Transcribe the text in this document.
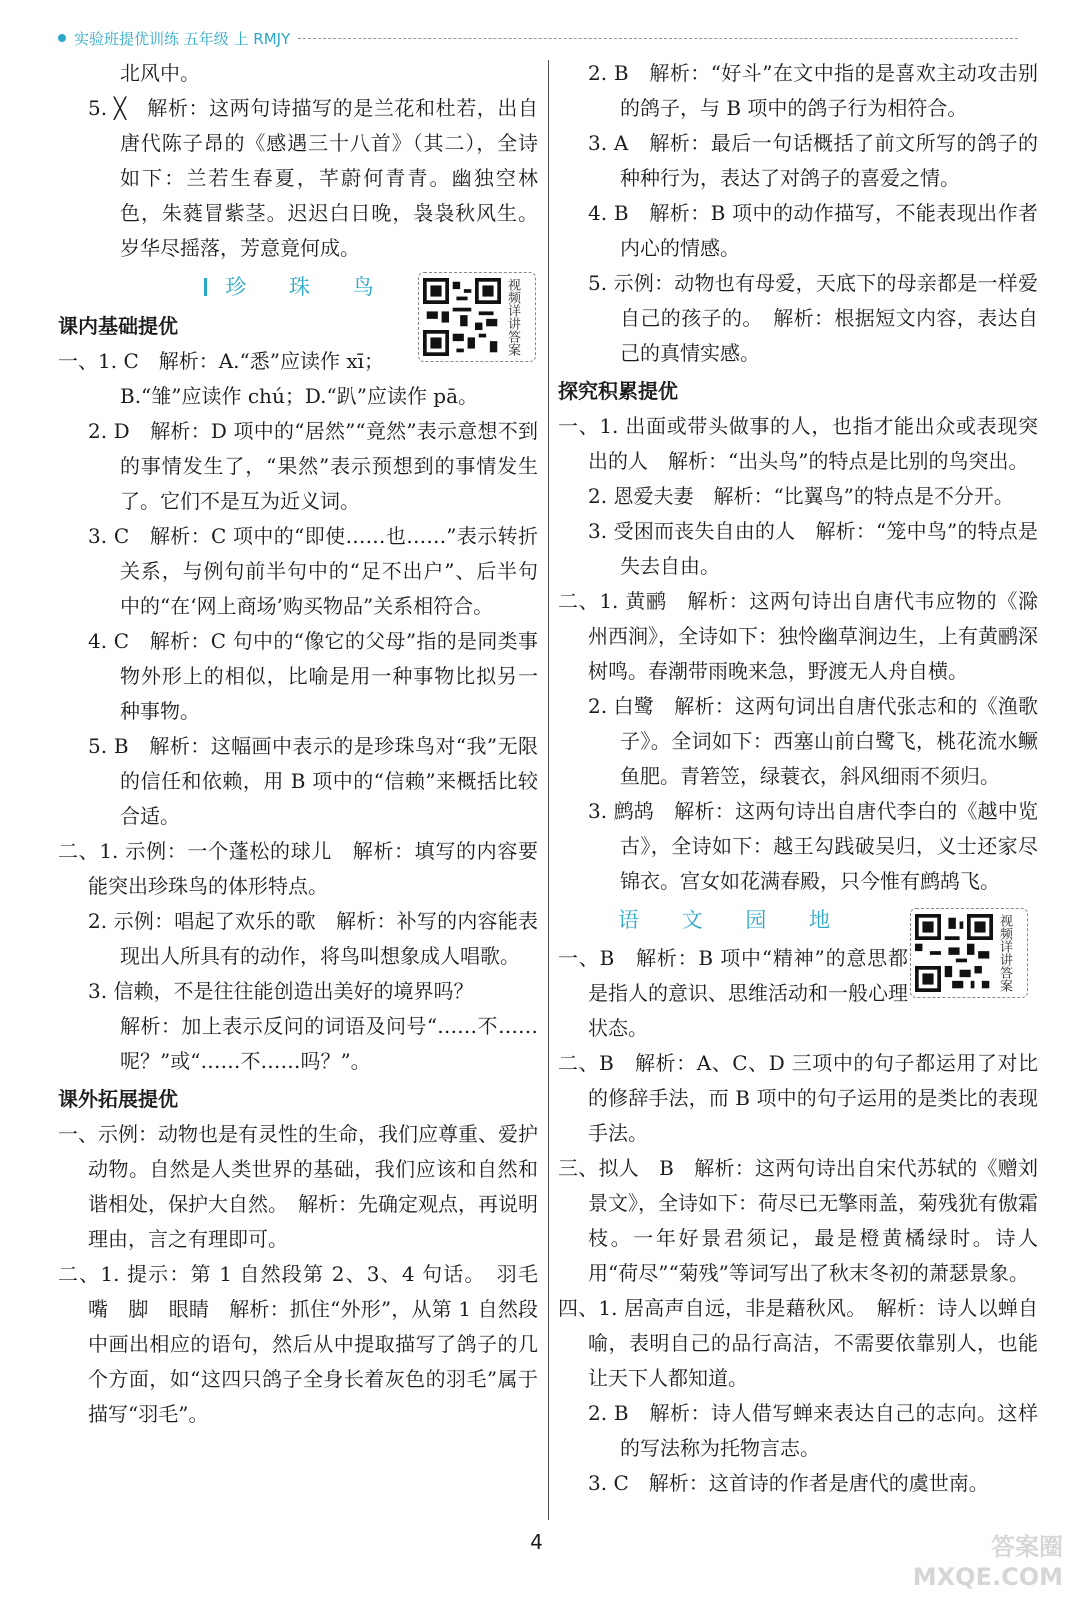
实验班提优训练 五年级 上 RMJY

北风中。

5. ╳　解析：这两句诗描写的是兰花和杜若，出自唐代陈子昂的《感遇三十八首》（其二），全诗如下：兰若生春夏，芊蔚何青青。幽独空林色，朱蕤冒紫茎。迟迟白日晚，袅袅秋风生。岁华尽摇落，芳意竟何成。

珍 珠 鸟

课内基础提优

一、1. C　解析：A.“悉”应读作 xī；

B.“雏”应读作 chú；D.“趴”应读作 pā。

2. D　解析：D 项中的“居然”“竟然”表示意想不到的事情发生了，“果然”表示预想到的事情发生了。它们不是互为近义词。

3. C　解析：C 项中的“即使……也……”表示转折关系，与例句前半句中的“足不出户”、后半句中的“在‘网上商场’购买物品”关系相符合。

4. C　解析：C 句中的“像它的父母”指的是同类事物外形上的相似，比喻是用一种事物比拟另一种事物。

5. B　解析：这幅画中表示的是珍珠鸟对“我”无限的信任和依赖，用 B 项中的“信赖”来概括比较合适。

二、1. 示例：一个蓬松的球儿　解析：填写的内容要能突出珍珠鸟的体形特点。

2. 示例：唱起了欢乐的歌　解析：补写的内容能表现出人所具有的动作，将鸟叫想象成人唱歌。

3. 信赖，不是往往能创造出美好的境界吗？

解析：加上表示反问的词语及问号“……不……呢？”或“……不……吗？”。

课外拓展提优

一、示例：动物也是有灵性的生命，我们应尊重、爱护动物。自然是人类世界的基础，我们应该和自然和谐相处，保护大自然。　解析：先确定观点，再说明理由，言之有理即可。

二、1. 提示：第 1 自然段第 2、3、4 句话。　羽毛　嘴　脚　眼睛　解析：抓住“外形”，从第 1 自然段中画出相应的语句，然后从中提取描写了鸽子的几个方面，如“这四只鸽子全身长着灰色的羽毛”属于描写“羽毛”。

视频详讲答案

2. B　解析：“好斗”在文中指的是喜欢主动攻击别的鸽子，与 B 项中的鸽子行为相符合。

3. A　解析：最后一句话概括了前文所写的鸽子的种种行为，表达了对鸽子的喜爱之情。

4. B　解析：B 项中的动作描写，不能表现出作者内心的情感。

5. 示例：动物也有母爱，天底下的母亲都是一样爱自己的孩子的。　解析：根据短文内容，表达自己的真情实感。

探究积累提优

一、1. 出面或带头做事的人，也指才能出众或表现突出的人　解析：“出头鸟”的特点是比别的鸟突出。

2. 恩爱夫妻　解析：“比翼鸟”的特点是不分开。

3. 受困而丧失自由的人　解析：“笼中鸟”的特点是失去自由。

二、1. 黄鹂　解析：这两句诗出自唐代韦应物的《滁州西涧》，全诗如下：独怜幽草涧边生，上有黄鹂深树鸣。春潮带雨晚来急，野渡无人舟自横。

2. 白鹭　解析：这两句词出自唐代张志和的《渔歌子》。全词如下：西塞山前白鹭飞，桃花流水鳜鱼肥。青箬笠，绿蓑衣，斜风细雨不须归。

3. 鹧鸪　解析：这两句诗出自唐代李白的《越中览古》，全诗如下：越王勾践破吴归，义士还家尽锦衣。宫女如花满春殿，只今惟有鹧鸪飞。

语 文 园 地

一、B　解析：B 项中“精神”的意思都是指人的意识、思维活动和一般心理状态。

二、B　解析：A、C、D 三项中的句子都运用了对比的修辞手法，而 B 项中的句子运用的是类比的表现手法。

三、拟人　B　解析：这两句诗出自宋代苏轼的《赠刘景文》，全诗如下：荷尽已无擎雨盖，菊残犹有傲霜枝。一年好景君须记，最是橙黄橘绿时。诗人用“荷尽”“菊残”等词写出了秋末冬初的萧瑟景象。

四、1. 居高声自远，非是藉秋风。　解析：诗人以蝉自喻，表明自己的品行高洁，不需要依靠别人，也能让天下人都知道。

2. B　解析：诗人借写蝉来表达自己的志向。这样的写法称为托物言志。

3. C　解析：这首诗的作者是唐代的虞世南。

视频详讲答案
4	答案圈
MXQE.COM
